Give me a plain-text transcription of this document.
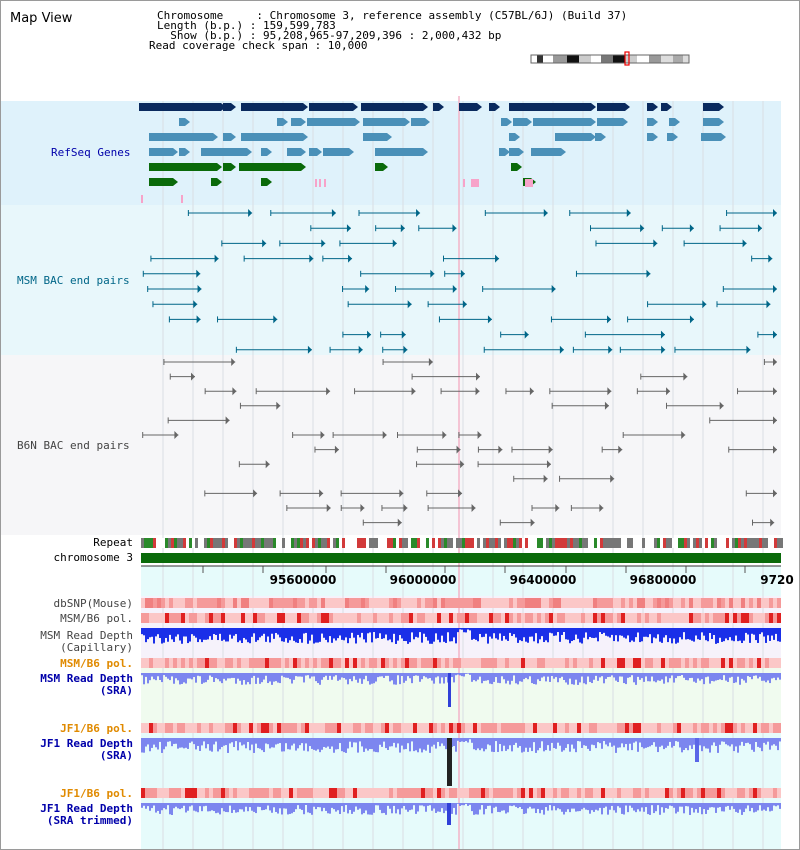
95600000	96000000	96400000	96800000	9720
Map View	Chromosome     : Chromosome 3, reference assembly (C57BL/6J) (Build 37)
Length (b.p.) : 159,599,783
Show (b.p.) : 95,208,965-97,209,396 : 2,000,432 bp
Read coverage check span : 10,000
RefSeq Genes
MSM BAC end pairs
B6N BAC end pairs
Repeat
chromosome 3
dbSNP(Mouse)
MSM/B6 pol.
MSM Read Depth
(Capillary)
MSM/B6 pol.
MSM Read Depth
(SRA)
JF1/B6 pol.
JF1 Read Depth
(SRA)
JF1/B6 pol.
JF1 Read Depth
(SRA trimmed)
